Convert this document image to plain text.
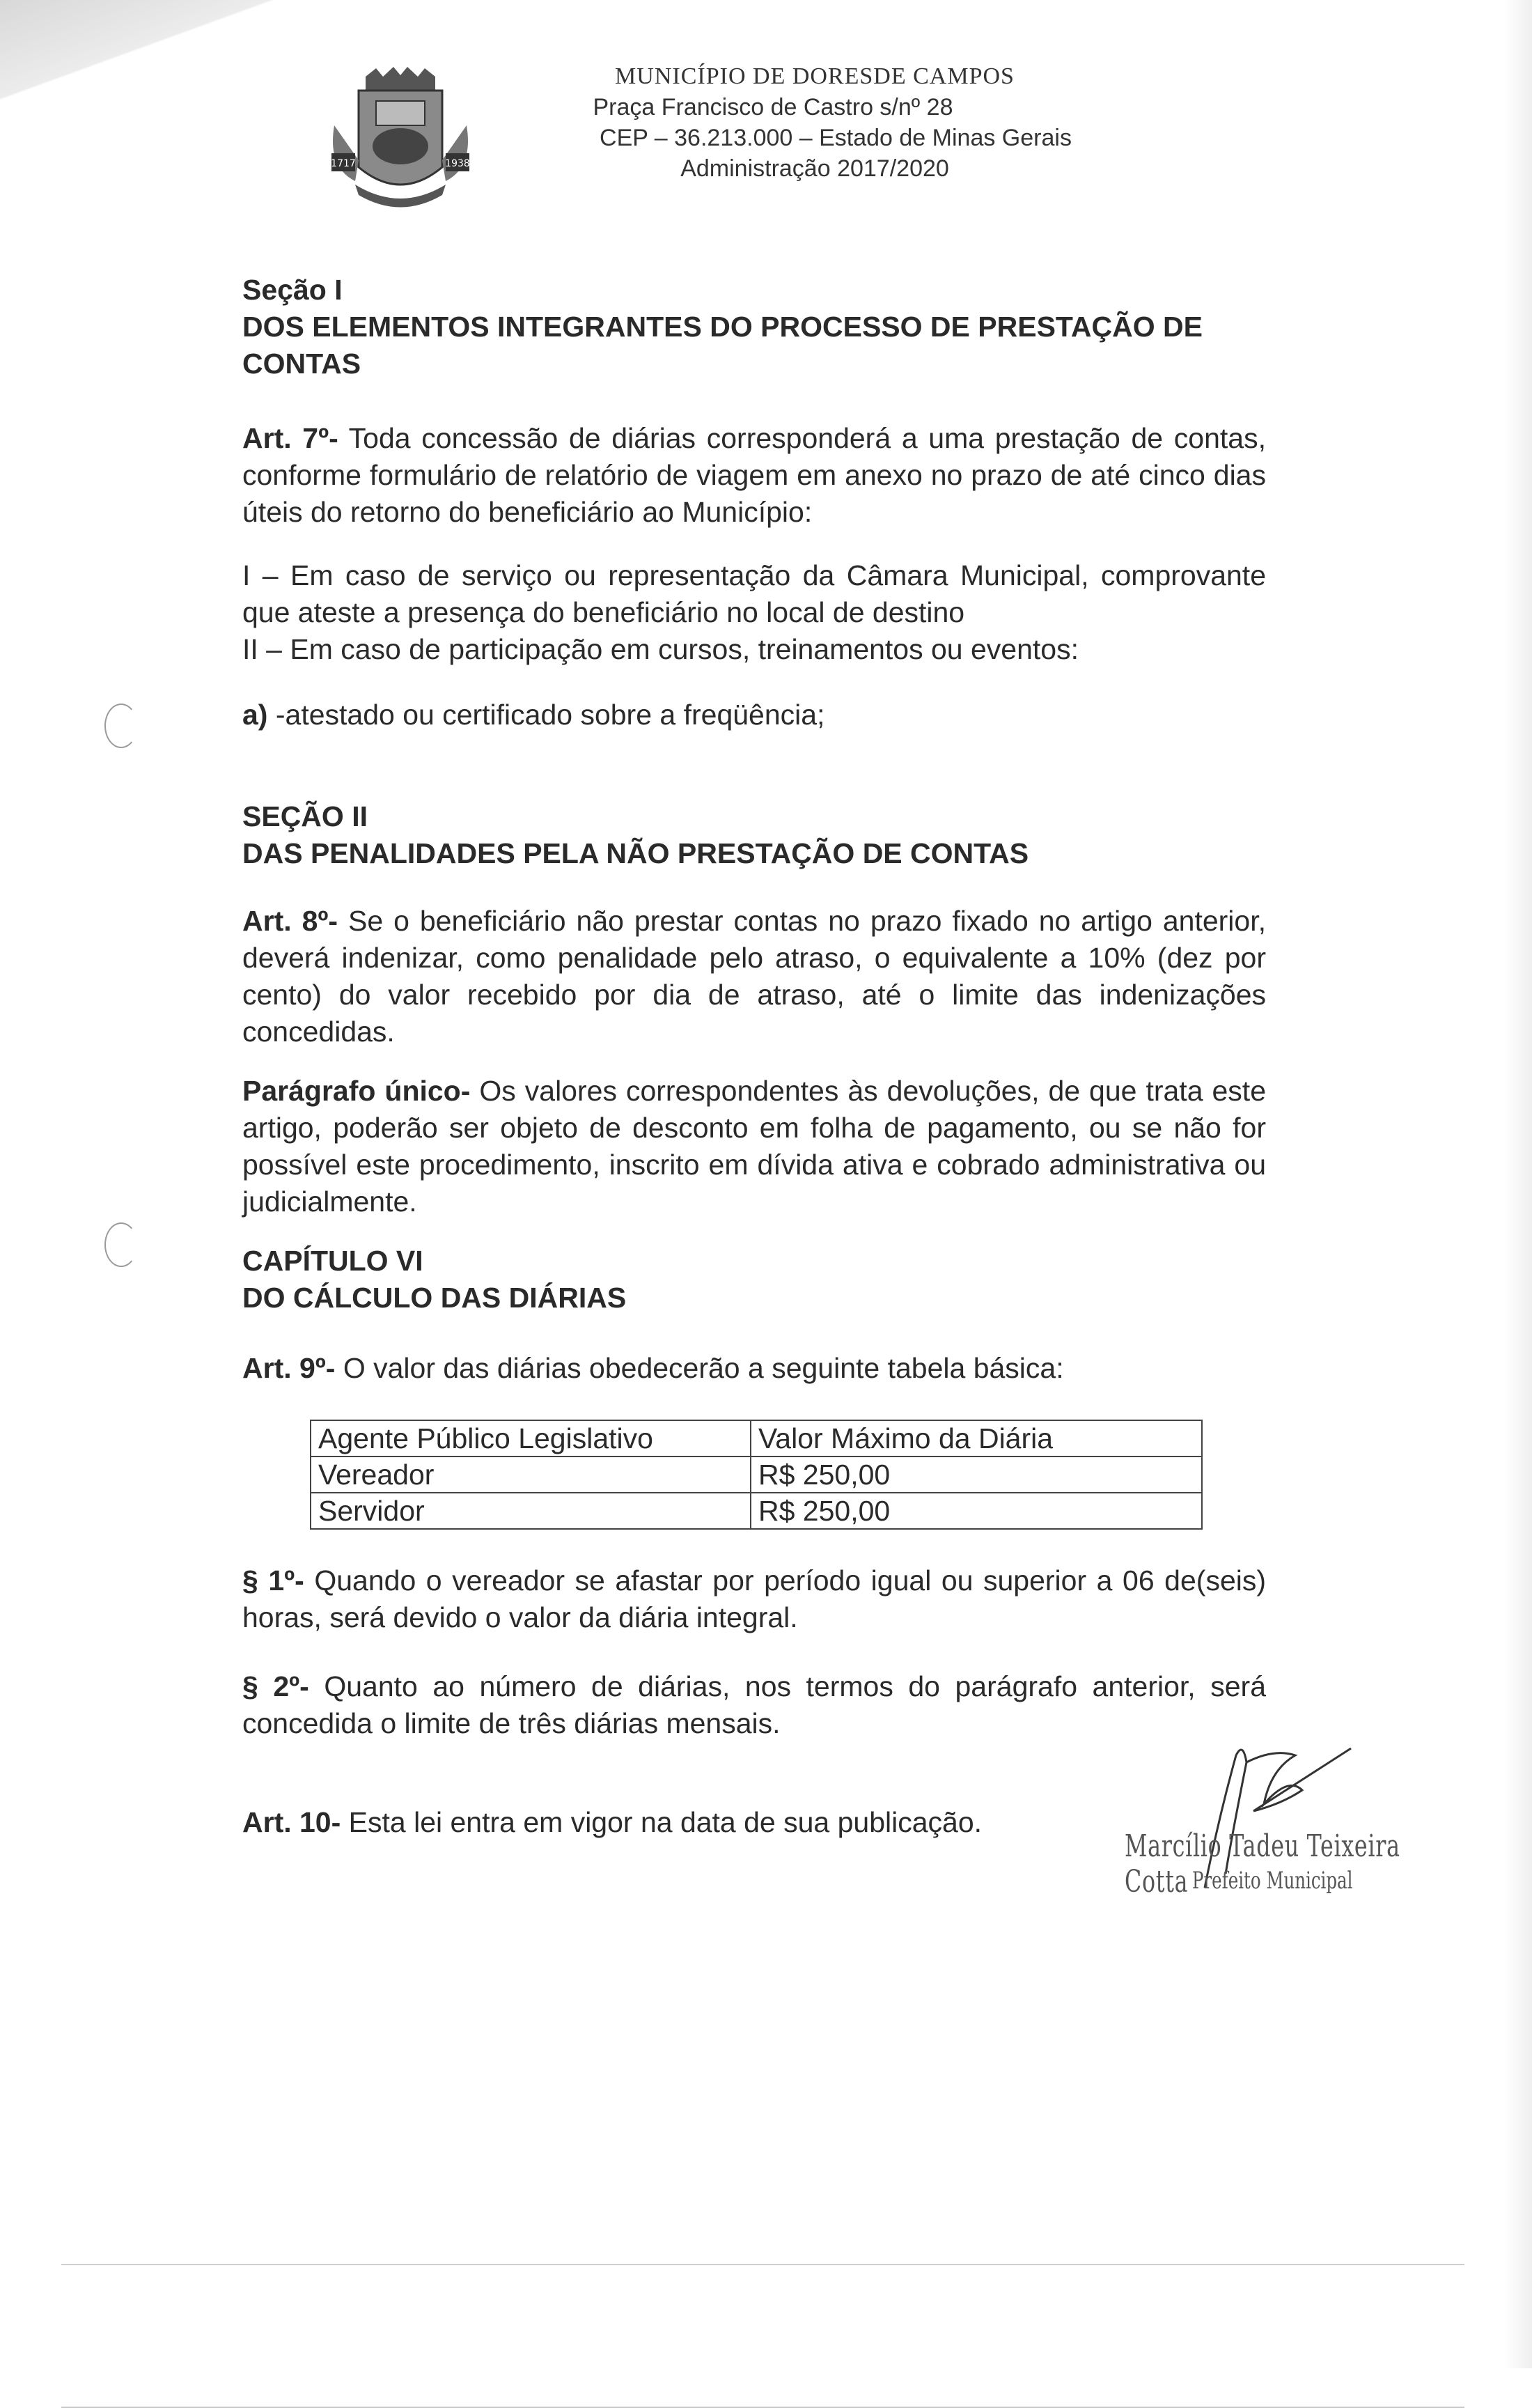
1717	1938
MUNICÍPIO DE DORESDE CAMPOS
Praça Francisco de Castro s/nº 28
CEP – 36.213.000 – Estado de Minas Gerais
Administração 2017/2020
Seção I
DOS ELEMENTOS INTEGRANTES DO PROCESSO DE PRESTAÇÃO DE CONTAS
Art. 7º- Toda concessão de diárias corresponderá a uma prestação de contas, conforme formulário de relatório de viagem em anexo no prazo de até cinco dias úteis do retorno do beneficiário ao Município:
I – Em caso de serviço ou representação da Câmara Municipal, comprovante que ateste a presença do beneficiário no local de destino
II – Em caso de participação em cursos, treinamentos ou eventos:
a) -atestado ou certificado sobre a freqüência;
SEÇÃO II
DAS PENALIDADES PELA NÃO PRESTAÇÃO DE CONTAS
Art. 8º- Se o beneficiário não prestar contas no prazo fixado no artigo anterior, deverá indenizar, como penalidade pelo atraso, o equivalente a 10% (dez por cento) do valor recebido por dia de atraso, até o limite das indenizações concedidas.
Parágrafo único- Os valores correspondentes às devoluções, de que trata este artigo, poderão ser objeto de desconto em folha de pagamento, ou se não for possível este procedimento, inscrito em dívida ativa e cobrado administrativa ou judicialmente.
CAPÍTULO VI
DO CÁLCULO DAS DIÁRIAS
Art. 9º- O valor das diárias obedecerão a seguinte tabela básica:
Agente Público Legislativo	Valor Máximo da Diária
Vereador	R$ 250,00
Servidor	R$ 250,00
§ 1º- Quando o vereador se afastar por período igual ou superior a 06 de(seis) horas, será devido o valor da diária integral.
§ 2º- Quanto ao número de diárias, nos termos do parágrafo anterior, será concedida o limite de três diárias mensais.
Art. 10- Esta lei entra em vigor na data de sua publicação.
Marcílio Tadeu Teixeira Cotta Prefeito Municipal
